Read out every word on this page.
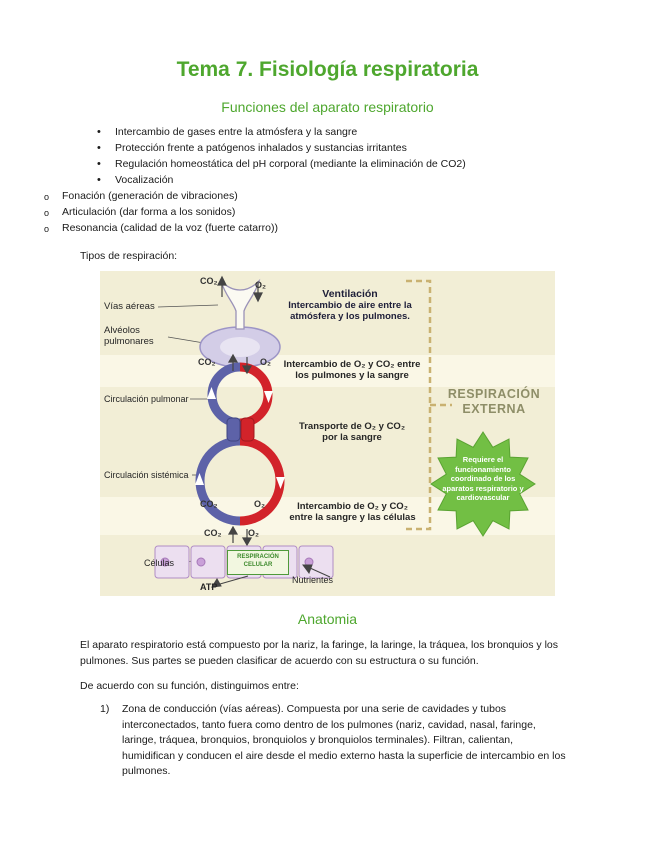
Tema 7. Fisiología respiratoria
Funciones del aparato respiratorio
• Intercambio de gases entre la atmósfera y la sangre
• Protección frente a patógenos inhalados y sustancias irritantes
• Regulación homeostática del pH corporal (mediante la eliminación de CO2)
• Vocalización
o Fonación (generación de vibraciones)
o Articulación (dar forma a los sonidos)
o Resonancia (calidad de la voz (fuerte catarro))
Tipos de respiración:
CO₂	O₂
Vías aéreas
Alvéolos pulmonares
Ventilación
Intercambio de aire entre la atmósfera y los pulmones.
Intercambio de O₂ y CO₂ entre los pulmones y la sangre
CO₂	O₂
Circulación pulmonar
Transporte de O₂ y CO₂ por la sangre
Circulación sistémica
Intercambio de O₂ y CO₂ entre la sangre y las células
CO₂	O₂
CO₂	O₂
RESPIRACIÓN EXTERNA
Requiere el funcionamiento coordinado de los aparatos respiratorio y cardiovascular
RESPIRACIÓN CELULAR
Células
ATP
Nutrientes
Anatomia

El aparato respiratorio está compuesto por la nariz, la faringe, la laringe, la tráquea, los bronquios y los pulmones. Sus partes se pueden clasificar de acuerdo con su estructura o su función.

De acuerdo con su función, distinguimos entre:

1)	Zona de conducción (vías aéreas). Compuesta por una serie de cavidades y tubos interconectados, tanto fuera como dentro de los pulmones (nariz, cavidad, nasal, faringe, laringe, tráquea, bronquios, bronquiolos y bronquiolos terminales). Filtran, calientan, humidifican y conducen el aire desde el medio externo hasta la superficie de intercambio en los pulmones.
